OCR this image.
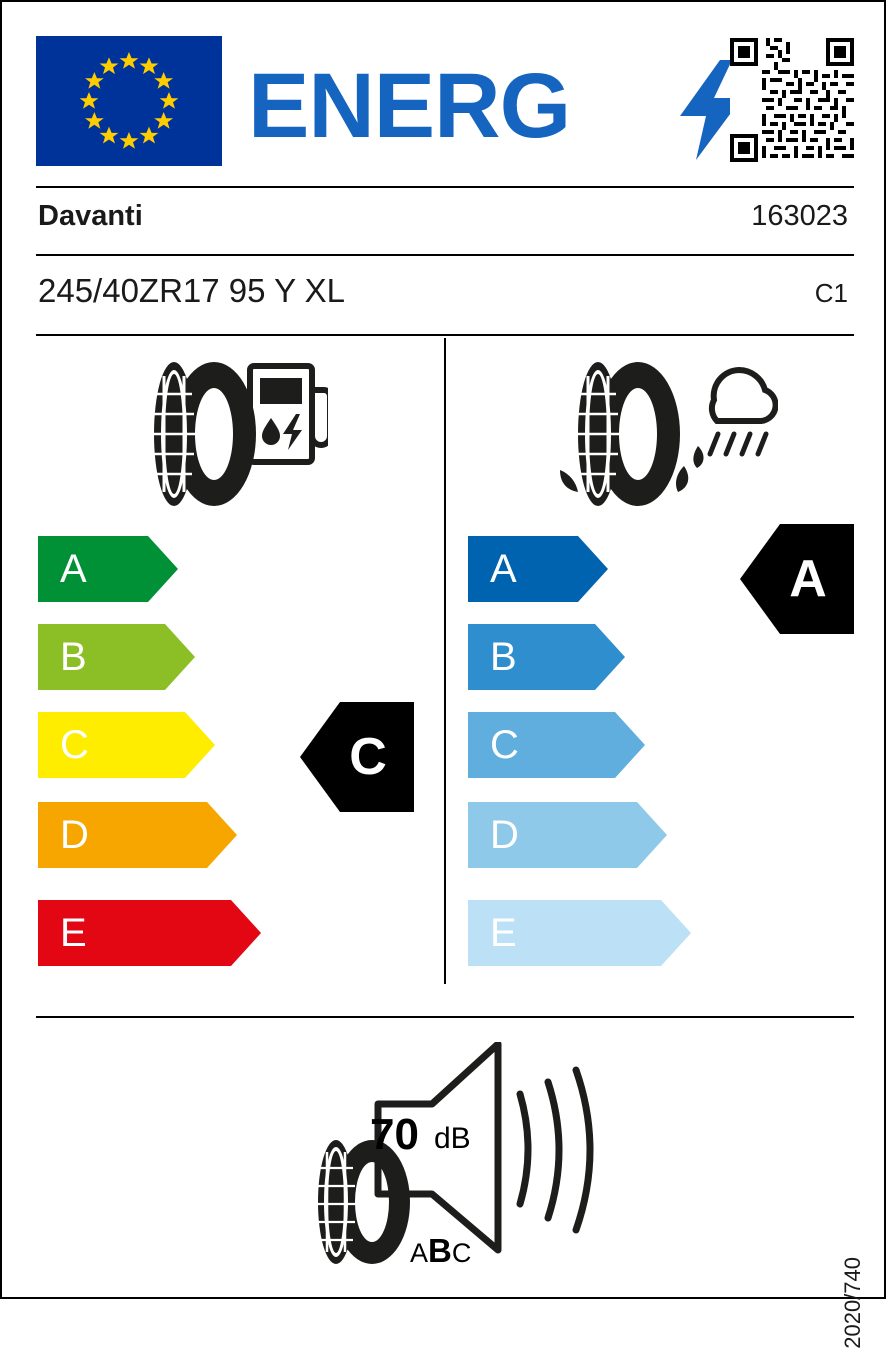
ENERG
Davanti	163023
245/40ZR17 95 Y XL	C1
A
B
C
D
E
C
A
B
C
D
E
A
70 dB
ABC
2020/740
